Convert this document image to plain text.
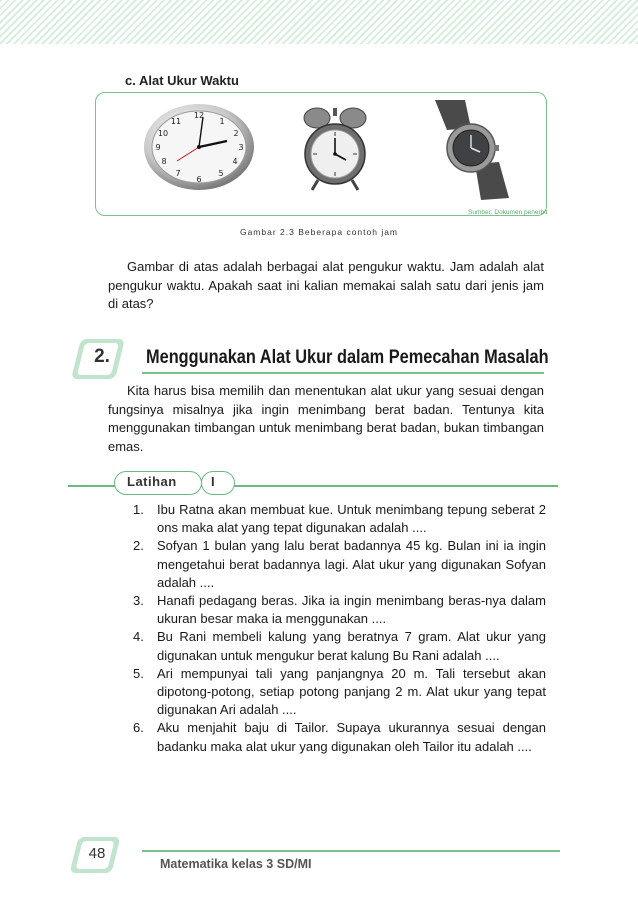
c. Alat Ukur Waktu
12
1
2
3
4
5
6
7
8
9
10
11
Sumber: Dokumen penerbit
Gambar 2.3 Beberapa contoh jam

Gambar di atas adalah berbagai alat pengukur waktu. Jam adalah alat pengukur waktu. Apakah saat ini kalian memakai salah satu dari jenis jam di atas?

2.	Menggunakan Alat Ukur dalam Pemecahan Masalah

Kita harus bisa memilih dan menentukan alat ukur yang sesuai dengan fungsinya misalnya jika ingin menimbang berat badan. Tentunya kita menggunakan timbangan untuk menimbang berat badan, bukan timbangan emas.

Latihan	I
1. Ibu Ratna akan membuat kue. Untuk menimbang tepung seberat 2 ons maka alat yang tepat digunakan adalah ....
2. Sofyan 1 bulan yang lalu berat badannya 45 kg. Bulan ini ia ingin mengetahui berat badannya lagi. Alat ukur yang digunakan Sofyan adalah ....
3. Hanafi pedagang beras. Jika ia ingin menimbang beras-nya dalam ukuran besar maka ia menggunakan ....
4. Bu Rani membeli kalung yang beratnya 7 gram. Alat ukur yang digunakan untuk mengukur berat kalung Bu Rani adalah ....
5. Ari mempunyai tali yang panjangnya 20 m. Tali tersebut akan dipotong-potong, setiap potong panjang 2 m. Alat ukur yang tepat digunakan Ari adalah ....
6. Aku menjahit baju di Tailor. Supaya ukurannya sesuai dengan badanku maka alat ukur yang digunakan oleh Tailor itu adalah ....
48
Matematika kelas 3 SD/MI
